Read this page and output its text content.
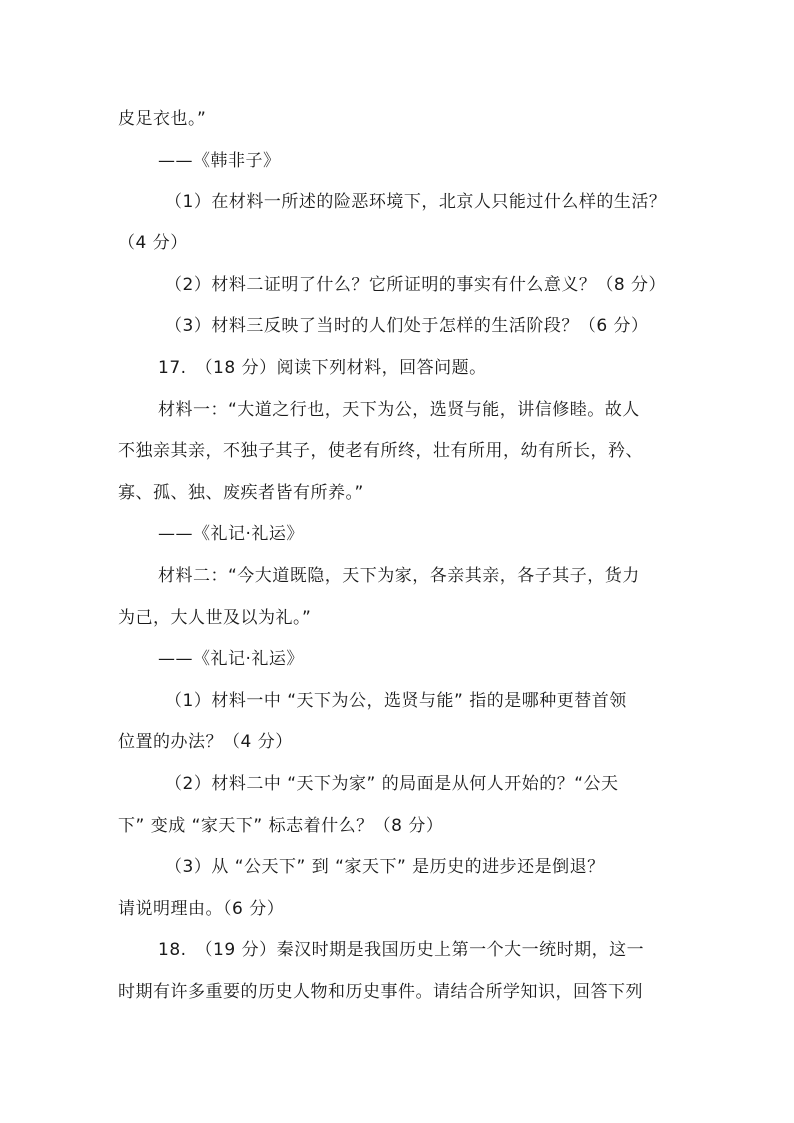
皮足衣也。”
——《韩非子》
（1）在材料一所述的险恶环境下，北京人只能过什么样的生活？
（4 分）
（2）材料二证明了什么？它所证明的事实有什么意义？（8 分）
（3）材料三反映了当时的人们处于怎样的生活阶段？（6 分）
17.　（18 分）阅读下列材料，回答问题。
材料一：“大道之行也，天下为公，选贤与能，讲信修睦。故人
不独亲其亲，不独子其子，使老有所终，壮有所用，幼有所长，矜、
寡、孤、独、废疾者皆有所养。”
——《礼记·礼运》
材料二：“今大道既隐，天下为家，各亲其亲，各子其子，货力
为己，大人世及以为礼。”
——《礼记·礼运》
（1）材料一中 “天下为公，选贤与能” 指的是哪种更替首领
位置的办法？（4 分）
（2）材料二中 “天下为家” 的局面是从何人开始的？“公天
下” 变成 “家天下” 标志着什么？（8 分）
（3）从 “公天下” 到 “家天下” 是历史的进步还是倒退？
请说明理由。（6 分）
18.　（19 分）秦汉时期是我国历史上第一个大一统时期，这一
时期有许多重要的历史人物和历史事件。请结合所学知识，回答下列
